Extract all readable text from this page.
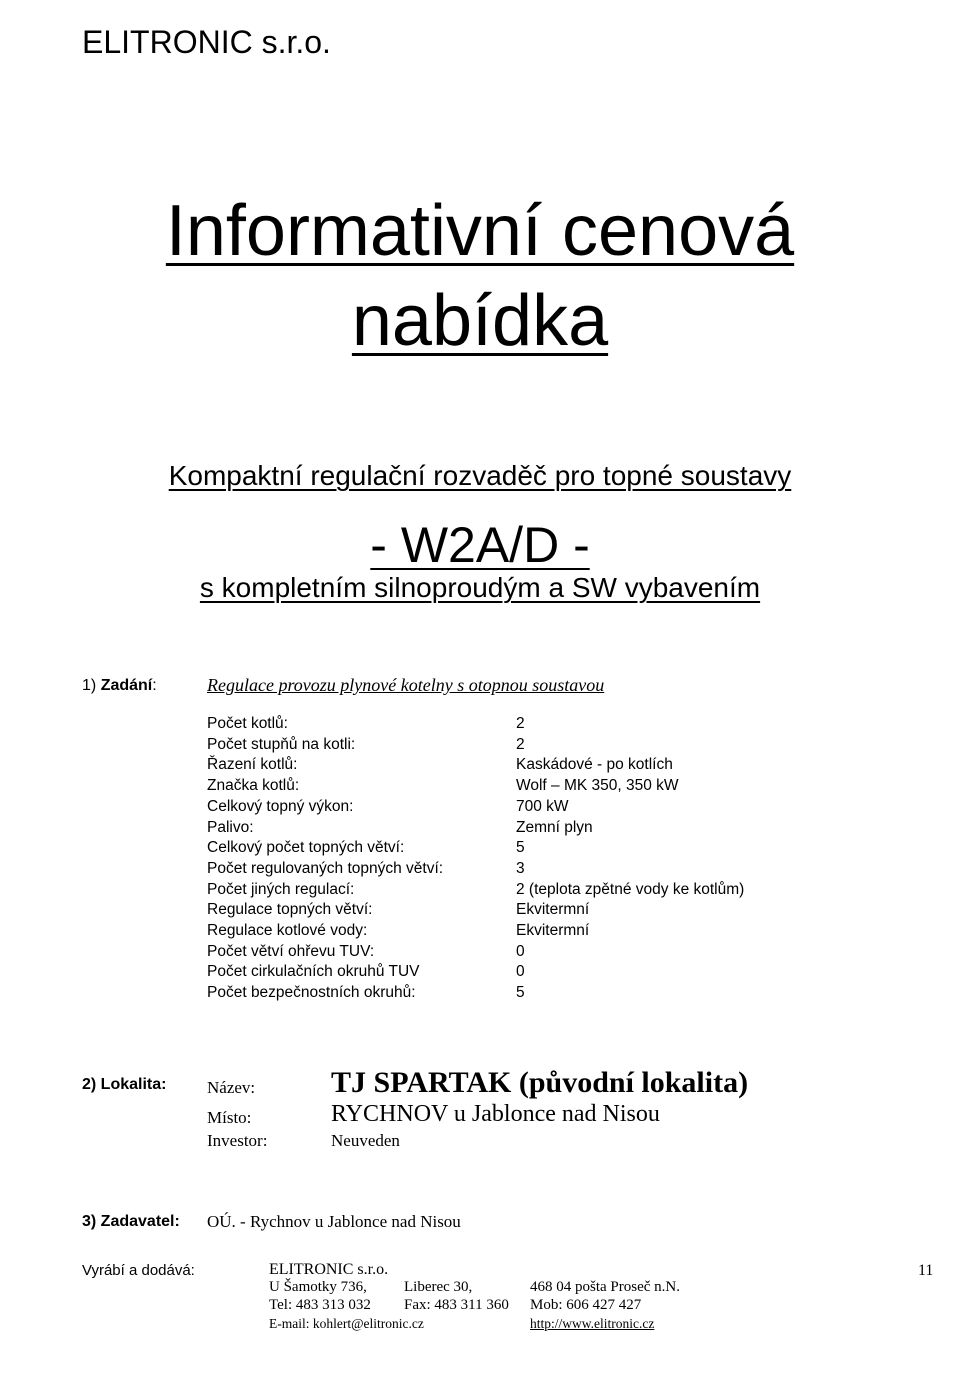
ELITRONIC s.r.o.
Informativní cenová
nabídka
Kompaktní regulační rozvaděč pro topné soustavy
- W2A/D -
s kompletním silnoproudým a SW vybavením
1) Zadání:	Regulace provozu plynové kotelny s otopnou soustavou
Počet kotlů:	2
Počet stupňů na kotli:	2
Řazení kotlů:	Kaskádové - po kotlích
Značka kotlů:	Wolf – MK 350, 350 kW
Celkový topný výkon:	700 kW
Palivo:	Zemní plyn
Celkový počet topných větví:	5
Počet regulovaných topných větví:	3
Počet jiných regulací:	2 (teplota zpětné vody ke kotlům)
Regulace topných větví:	Ekvitermní
Regulace kotlové vody:	Ekvitermní
Počet větví ohřevu TUV:	0
Počet cirkulačních okruhů TUV	0
Počet bezpečnostních okruhů:	5
2) Lokalita: Název:	TJ SPARTAK (původní lokalita)
Místo:	RYCHNOV u Jablonce nad Nisou
Investor:	Neuveden
3) Zadavatel: OÚ. - Rychnov u Jablonce nad Nisou
Vyrábí a dodává:	ELITRONIC s.r.o.
U Šamotky 736, Liberec 30,	468 04 pošta Proseč n.N.
Tel: 483 313 032 Fax: 483 311 360 Mob: 606 427 427
E-mail: kohlert@elitronic.cz	http://www.elitronic.cz
11
